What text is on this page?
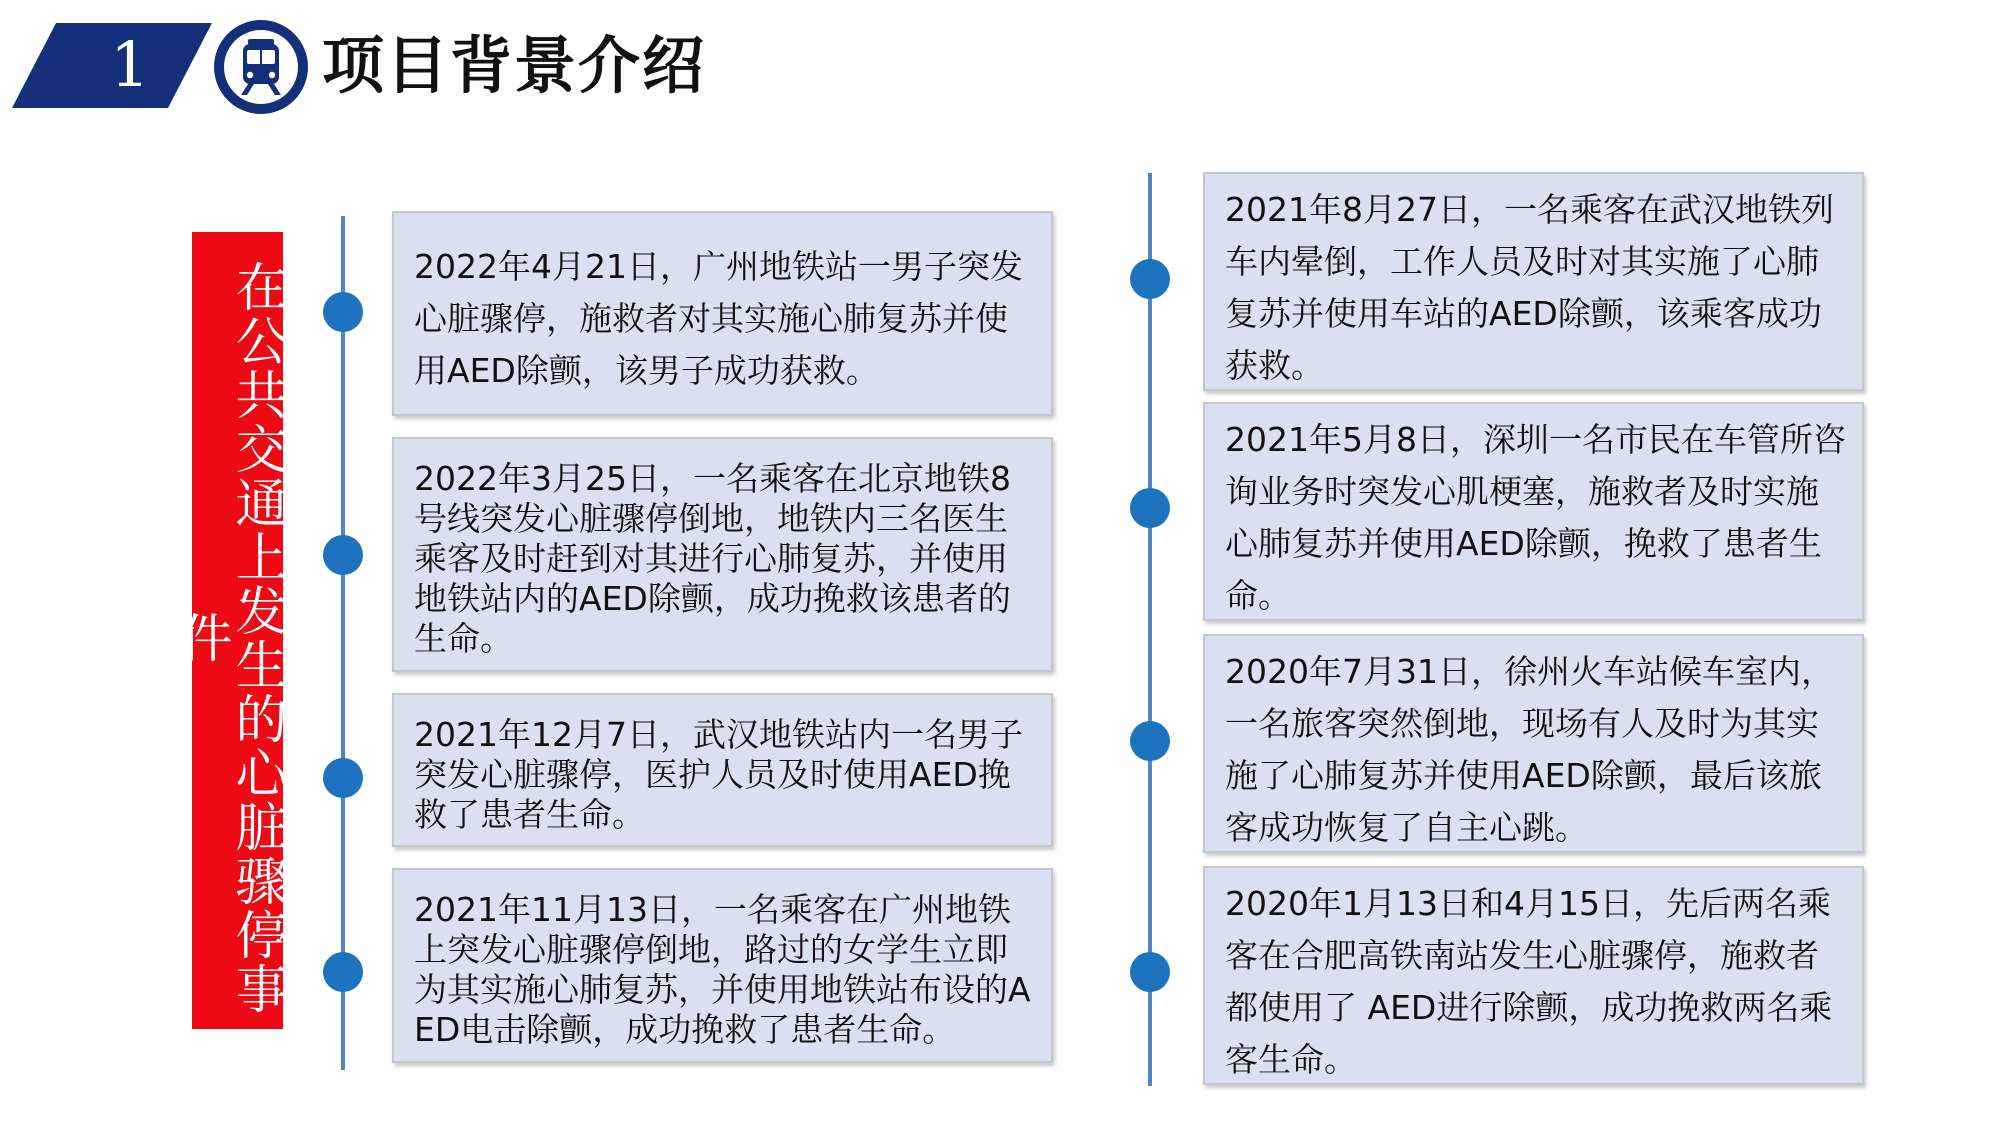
1	项目背景介绍
在公共交通上发生的心脏骤停事件

2022年4月21日，广州地铁站一男子突发心脏骤停，施救者对其实施心肺复苏并使用AED除颤，该男子成功获救。

2022年3月25日，一名乘客在北京地铁8号线突发心脏骤停倒地，地铁内三名医生乘客及时赶到对其进行心肺复苏，并使用地铁站内的AED除颤，成功挽救该患者的生命。

2021年12月7日，武汉地铁站内一名男子突发心脏骤停，医护人员及时使用AED挽救了患者生命。

2021年11月13日，一名乘客在广州地铁上突发心脏骤停倒地，路过的女学生立即为其实施心肺复苏，并使用地铁站布设的AED电击除颤，成功挽救了患者生命。

2021年8月27日，一名乘客在武汉地铁列车内晕倒，工作人员及时对其实施了心肺复苏并使用车站的AED除颤，该乘客成功获救。

2021年5月8日，深圳一名市民在车管所咨询业务时突发心肌梗塞，施救者及时实施心肺复苏并使用AED除颤，挽救了患者生命。

2020年7月31日，徐州火车站候车室内，一名旅客突然倒地，现场有人及时为其实施了心肺复苏并使用AED除颤，最后该旅客成功恢复了自主心跳。

2020年1月13日和4月15日，先后两名乘客在合肥高铁南站发生心脏骤停，施救者都使用了 AED进行除颤，成功挽救两名乘客生命。
